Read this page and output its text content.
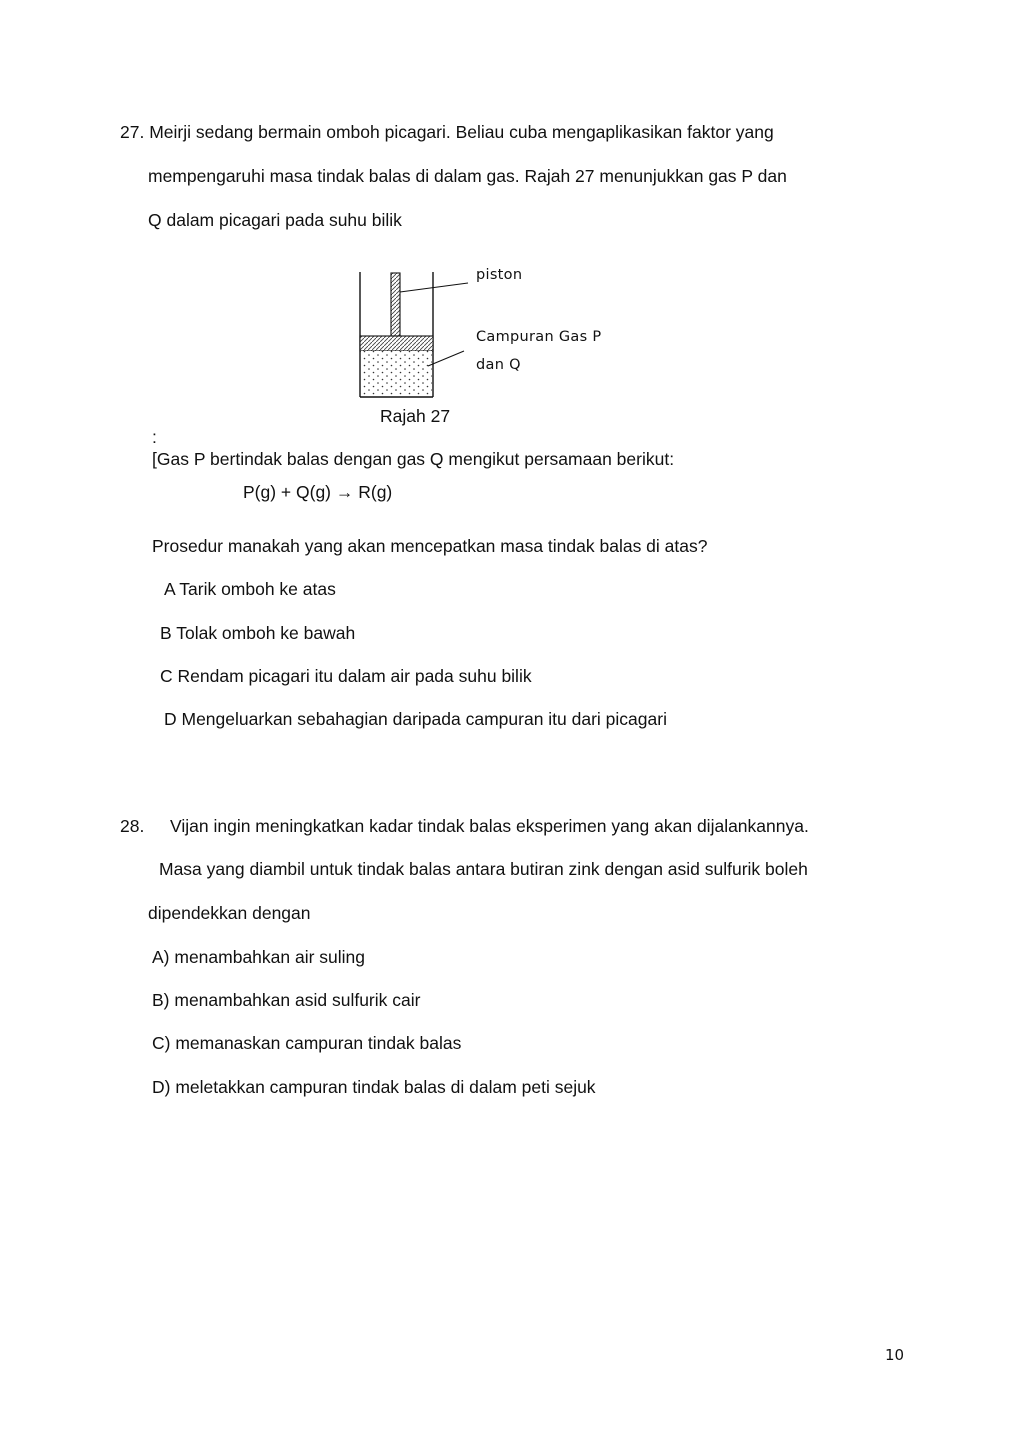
27. Meirji sedang bermain omboh picagari. Beliau cuba mengaplikasikan faktor yang

mempengaruhi masa tindak balas di dalam gas. Rajah 27 menunjukkan gas P dan

Q dalam picagari pada suhu bilik

piston
Campuran Gas P
dan Q

Rajah 27

:

[Gas P bertindak balas dengan gas Q mengikut persamaan berikut:

P(g) + Q(g) → R(g)

Prosedur manakah yang akan mencepatkan masa tindak balas di atas?

A Tarik omboh ke atas

B Tolak omboh ke bawah

C Rendam picagari itu dalam air pada suhu bilik

D Mengeluarkan sebahagian daripada campuran itu dari picagari

28. Vijan ingin meningkatkan kadar tindak balas eksperimen yang akan dijalankannya.

Masa yang diambil untuk tindak balas antara butiran zink dengan asid sulfurik boleh

dipendekkan dengan

A) menambahkan air suling

B) menambahkan asid sulfurik cair

C) memanaskan campuran tindak balas

D) meletakkan campuran tindak balas di dalam peti sejuk

10
